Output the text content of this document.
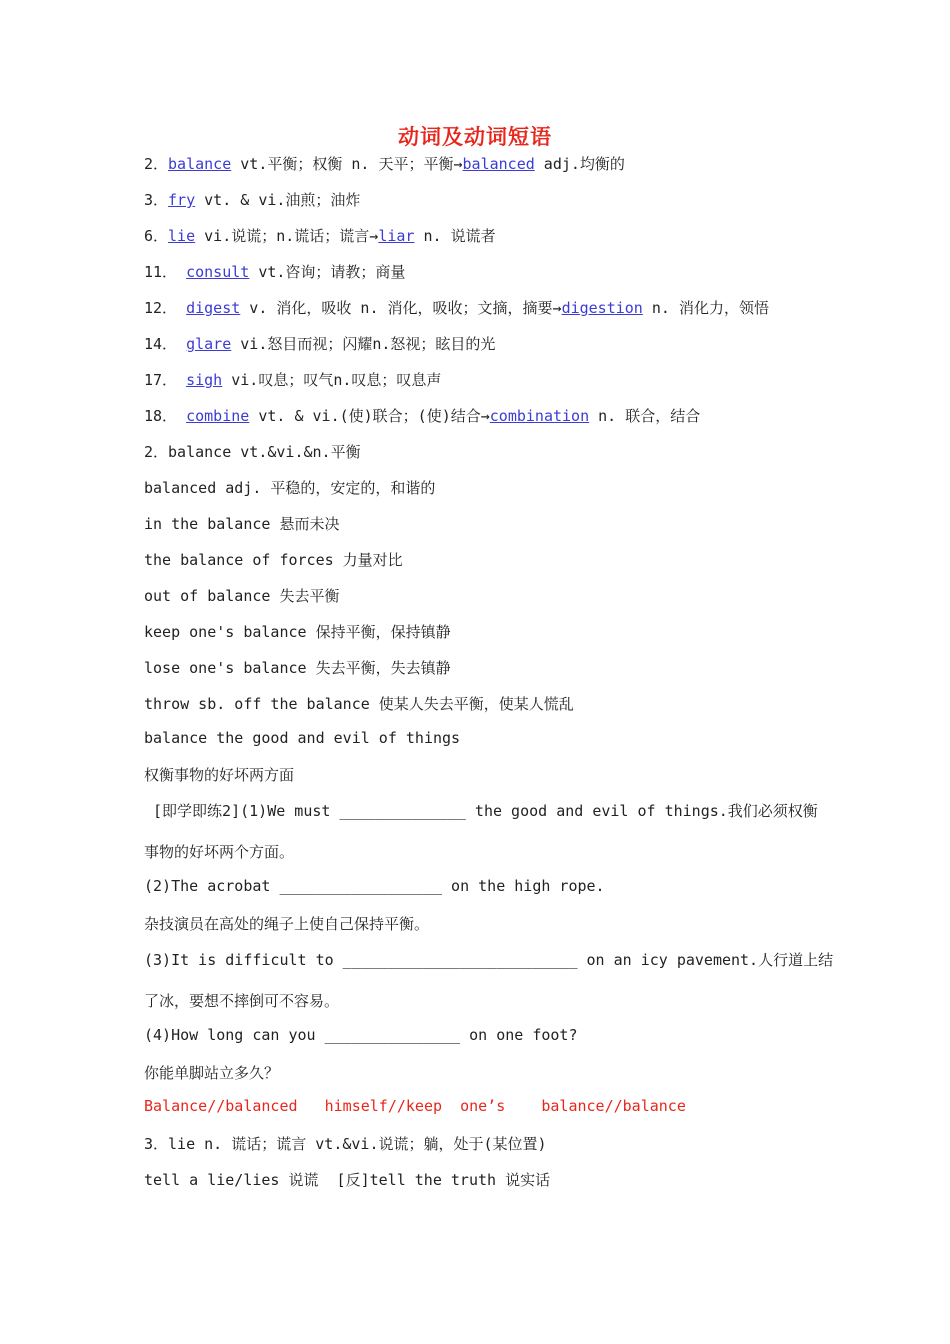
动词及动词短语
2．balance vt.平衡；权衡 n. 天平；平衡→balanced adj.均衡的
3．fry vt. & vi.油煎；油炸
6．lie vi.说谎；n.谎话；谎言→liar n. 说谎者
11． consult vt.咨询；请教；商量
12． digest v. 消化，吸收 n. 消化，吸收；文摘，摘要→digestion n. 消化力，领悟
14． glare vi.怒目而视；闪耀n.怒视；眩目的光
17． sigh vi.叹息；叹气n.叹息；叹息声
18． combine vt. & vi.(使)联合；(使)结合→combination n. 联合，结合
2．balance vt.&vi.&n.平衡
balanced adj. 平稳的，安定的，和谐的
in the balance 悬而未决
the balance of forces 力量对比
out of balance 失去平衡
keep one's balance 保持平衡，保持镇静
lose one's balance 失去平衡，失去镇静
throw sb. off the balance 使某人失去平衡，使某人慌乱
balance the good and evil of things
权衡事物的好坏两方面
[即学即练2](1)We must ______________ the good and evil of things.我们必须权衡
事物的好坏两个方面。
(2)The acrobat __________________ on the high rope.
杂技演员在高处的绳子上使自己保持平衡。
(3)It is difficult to __________________________ on an icy pavement.人行道上结
了冰，要想不摔倒可不容易。
(4)How long can you _______________ on one foot?
你能单脚站立多久？
Balance//balanced   himself//keep  one’s    balance//balance
3．lie n. 谎话；谎言 vt.&vi.说谎；躺，处于(某位置)
tell a lie/lies 说谎  [反]tell the truth 说实话
